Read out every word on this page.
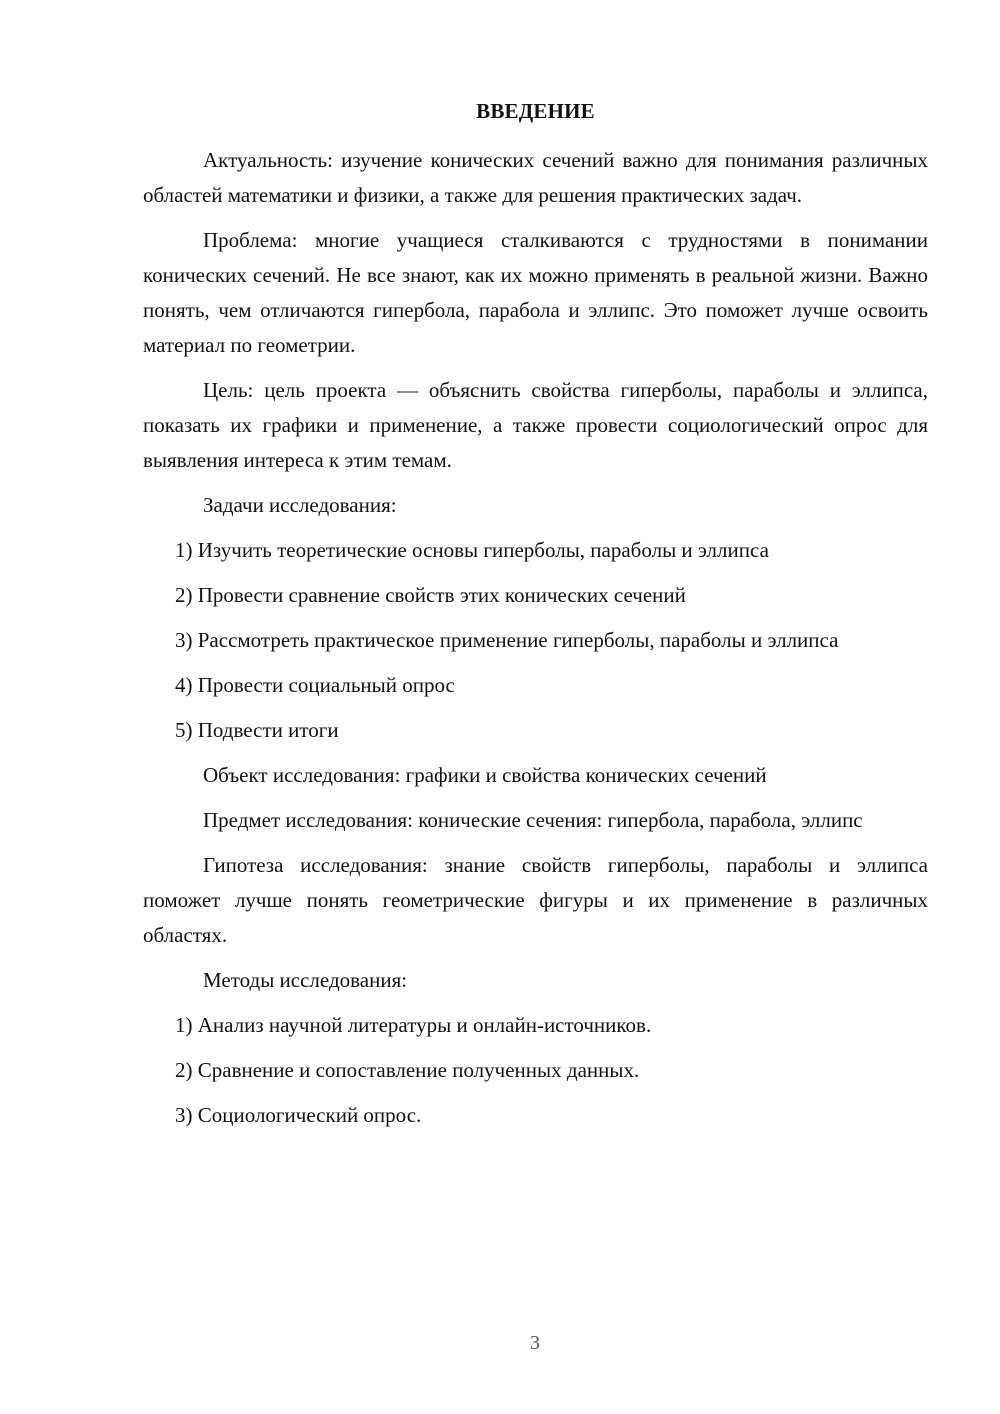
ВВЕДЕНИЕ

Актуальность: изучение конических сечений важно для понимания различных областей математики и физики, а также для решения практических задач.

Проблема: многие учащиеся сталкиваются с трудностями в понимании конических сечений. Не все знают, как их можно применять в реальной жизни. Важно понять, чем отличаются гипербола, парабола и эллипс. Это поможет лучше освоить материал по геометрии.

Цель: цель проекта — объяснить свойства гиперболы, параболы и эллипса, показать их графики и применение, а также провести социологический опрос для выявления интереса к этим темам.

Задачи исследования:

1) Изучить теоретические основы гиперболы, параболы и эллипса

2) Провести сравнение свойств этих конических сечений

3) Рассмотреть практическое применение гиперболы, параболы и эллипса

4) Провести социальный опрос

5) Подвести итоги

Объект исследования: графики и свойства конических сечений

Предмет исследования: конические сечения: гипербола, парабола, эллипс

Гипотеза исследования: знание свойств гиперболы, параболы и эллипса поможет лучше понять геометрические фигуры и их применение в различных областях.

Методы исследования:

1) Анализ научной литературы и онлайн-источников.

2) Сравнение и сопоставление полученных данных.

3) Социологический опрос.

3
